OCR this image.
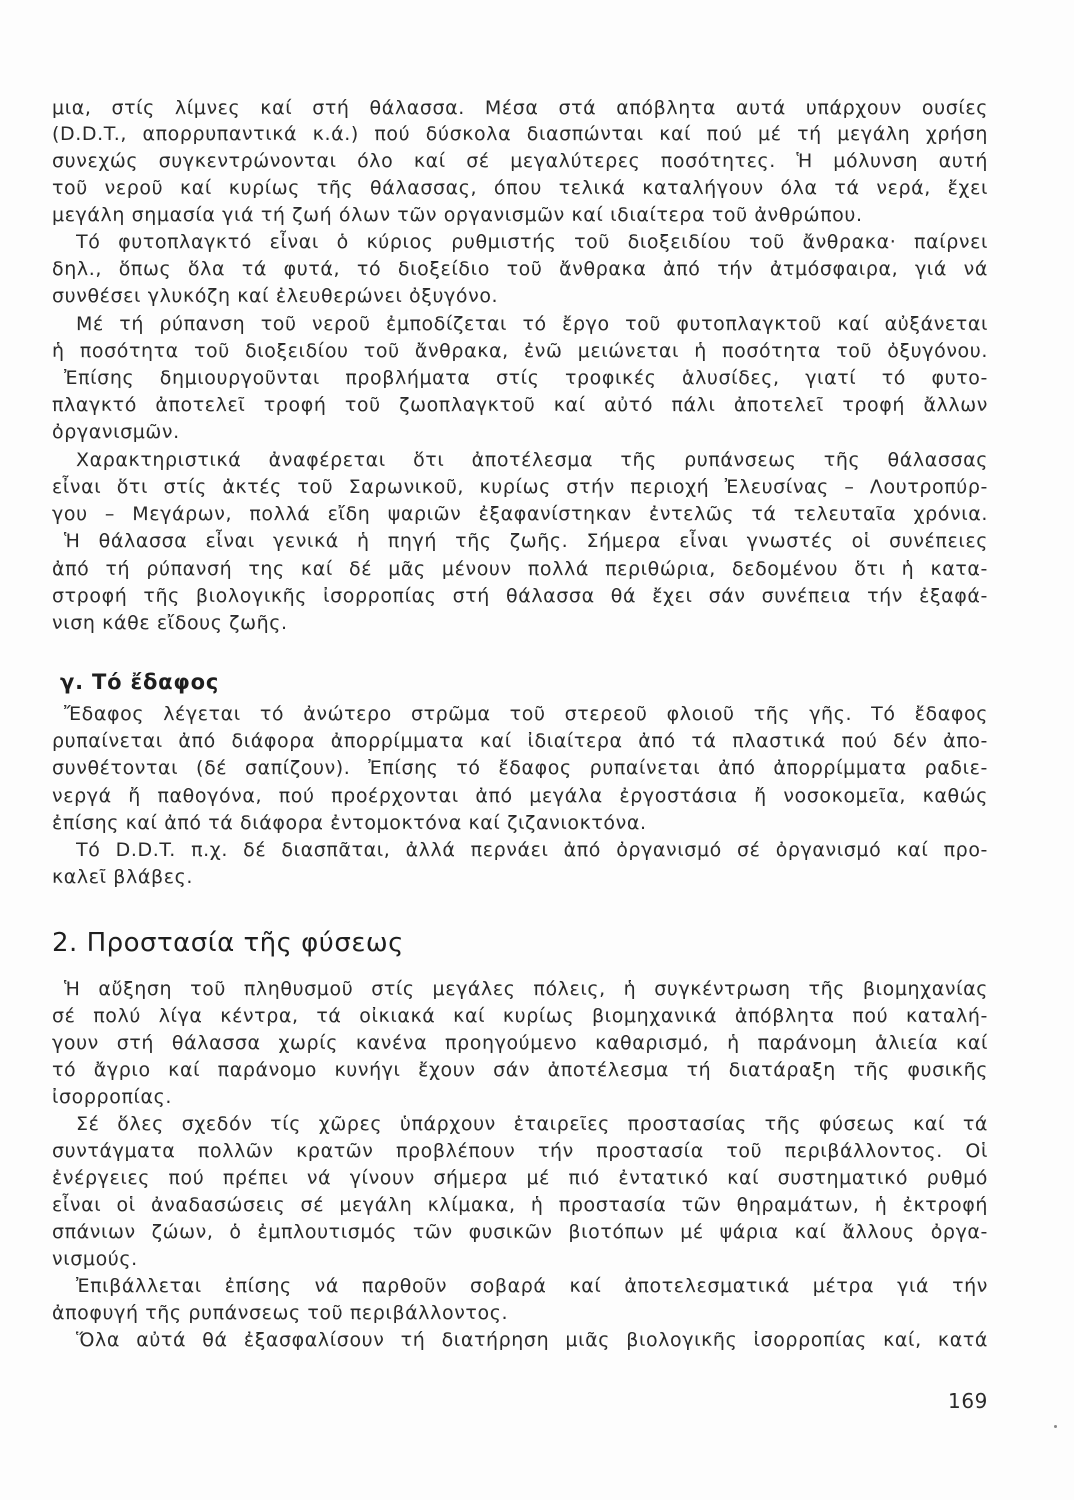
μια, στίς λίμνες καί στή θάλασσα. Μέσα στά απόβλητα αυτά υπάρχουν ουσίες
(D.D.T., απορρυπαντικά κ.ά.) πού δύσκολα διασπώνται καί πού μέ τή μεγάλη χρήση
συνεχώς συγκεντρώνονται όλο καί σέ μεγαλύτερες ποσότητες. Ἡ μόλυνση αυτή
τοῦ νεροῦ καί κυρίως τῆς θάλασσας, όπου τελικά καταλήγουν όλα τά νερά, ἔχει
μεγάλη σημασία γιά τή ζωή όλων τῶν οργανισμῶν καί ιδιαίτερα τοῦ ἀνθρώπου.
Τό φυτοπλαγκτό εἶναι ὁ κύριος ρυθμιστής τοῦ διοξειδίου τοῦ ἄνθρακα· παίρνει
δηλ., ὅπως ὅλα τά φυτά, τό διοξείδιο τοῦ ἄνθρακα ἀπό τήν ἀτμόσφαιρα, γιά νά
συνθέσει γλυκόζη καί ἐλευθερώνει ὀξυγόνο.
Μέ τή ρύπανση τοῦ νεροῦ ἐμποδίζεται τό ἔργο τοῦ φυτοπλαγκτοῦ καί αὐξάνεται
ἡ ποσότητα τοῦ διοξειδίου τοῦ ἄνθρακα, ἐνῶ μειώνεται ἡ ποσότητα τοῦ ὀξυγόνου.
Ἐπίσης δημιουργοῦνται προβλήματα στίς τροφικές ἁλυσίδες, γιατί τό φυτο-
πλαγκτό ἀποτελεῖ τροφή τοῦ ζωοπλαγκτοῦ καί αὐτό πάλι ἀποτελεῖ τροφή ἄλλων
ὀργανισμῶν.
Χαρακτηριστικά ἀναφέρεται ὅτι ἀποτέλεσμα τῆς ρυπάνσεως τῆς θάλασσας
εἶναι ὅτι στίς ἀκτές τοῦ Σαρωνικοῦ, κυρίως στήν περιοχή Ἐλευσίνας – Λουτροπύρ-
γου – Μεγάρων, πολλά εἴδη ψαριῶν ἐξαφανίστηκαν ἐντελῶς τά τελευταῖα χρόνια.
Ἡ θάλασσα εἶναι γενικά ἡ πηγή τῆς ζωῆς. Σήμερα εἶναι γνωστές οἱ συνέπειες
ἀπό τή ρύπανσή της καί δέ μᾶς μένουν πολλά περιθώρια, δεδομένου ὅτι ἡ κατα-
στροφή τῆς βιολογικῆς ἰσορροπίας στή θάλασσα θά ἔχει σάν συνέπεια τήν ἐξαφά-
νιση κάθε εἴδους ζωῆς.
γ. Τό ἔδαφος
Ἔδαφος λέγεται τό ἀνώτερο στρῶμα τοῦ στερεοῦ φλοιοῦ τῆς γῆς. Τό ἔδαφος
ρυπαίνεται ἀπό διάφορα ἀπορρίμματα καί ἰδιαίτερα ἀπό τά πλαστικά πού δέν ἀπο-
συνθέτονται (δέ σαπίζουν). Ἐπίσης τό ἔδαφος ρυπαίνεται ἀπό ἀπορρίμματα ραδιε-
νεργά ἤ παθογόνα, πού προέρχονται ἀπό μεγάλα ἐργοστάσια ἤ νοσοκομεῖα, καθώς
ἐπίσης καί ἀπό τά διάφορα ἐντομοκτόνα καί ζιζανιοκτόνα.
Τό D.D.T. π.χ. δέ διασπᾶται, ἀλλά περνάει ἀπό ὀργανισμό σέ ὀργανισμό καί προ-
καλεῖ βλάβες.
2. Προστασία τῆς φύσεως
Ἡ αὔξηση τοῦ πληθυσμοῦ στίς μεγάλες πόλεις, ἡ συγκέντρωση τῆς βιομηχανίας
σέ πολύ λίγα κέντρα, τά οἰκιακά καί κυρίως βιομηχανικά ἀπόβλητα πού καταλή-
γουν στή θάλασσα χωρίς κανένα προηγούμενο καθαρισμό, ἡ παράνομη ἁλιεία καί
τό ἄγριο καί παράνομο κυνήγι ἔχουν σάν ἀποτέλεσμα τή διατάραξη τῆς φυσικῆς
ἰσορροπίας.
Σέ ὅλες σχεδόν τίς χῶρες ὑπάρχουν ἑταιρεῖες προστασίας τῆς φύσεως καί τά
συντάγματα πολλῶν κρατῶν προβλέπουν τήν προστασία τοῦ περιβάλλοντος. Οἱ
ἐνέργειες πού πρέπει νά γίνουν σήμερα μέ πιό ἐντατικό καί συστηματικό ρυθμό
εἶναι οἱ ἀναδασώσεις σέ μεγάλη κλίμακα, ἡ προστασία τῶν θηραμάτων, ἡ ἐκτροφή
σπάνιων ζώων, ὁ ἐμπλουτισμός τῶν φυσικῶν βιοτόπων μέ ψάρια καί ἄλλους ὀργα-
νισμούς.
Ἐπιβάλλεται ἐπίσης νά παρθοῦν σοβαρά καί ἀποτελεσματικά μέτρα γιά τήν
ἀποφυγή τῆς ρυπάνσεως τοῦ περιβάλλοντος.
Ὅλα αὐτά θά ἐξασφαλίσουν τή διατήρηση μιᾶς βιολογικῆς ἰσορροπίας καί, κατά
169
